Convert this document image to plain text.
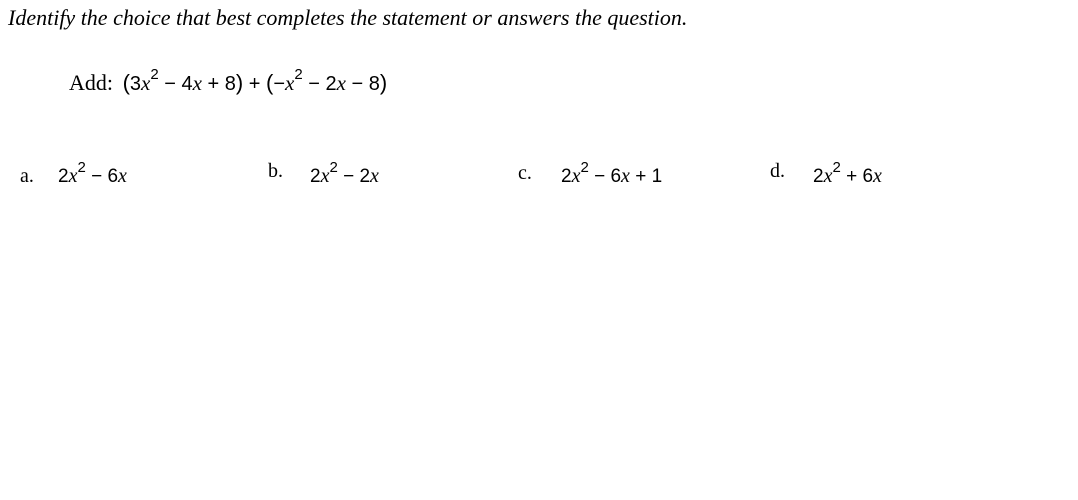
Identify the choice that best completes the statement or answers the question.
Add: $(3x^2 - 4x + 8) + (-x^2 - 2x - 8)$
a. $2x^2 - 6x$	b. $2x^2 - 2x$	c. $2x^2 - 6x + 1$	d. $2x^2 + 6x$
